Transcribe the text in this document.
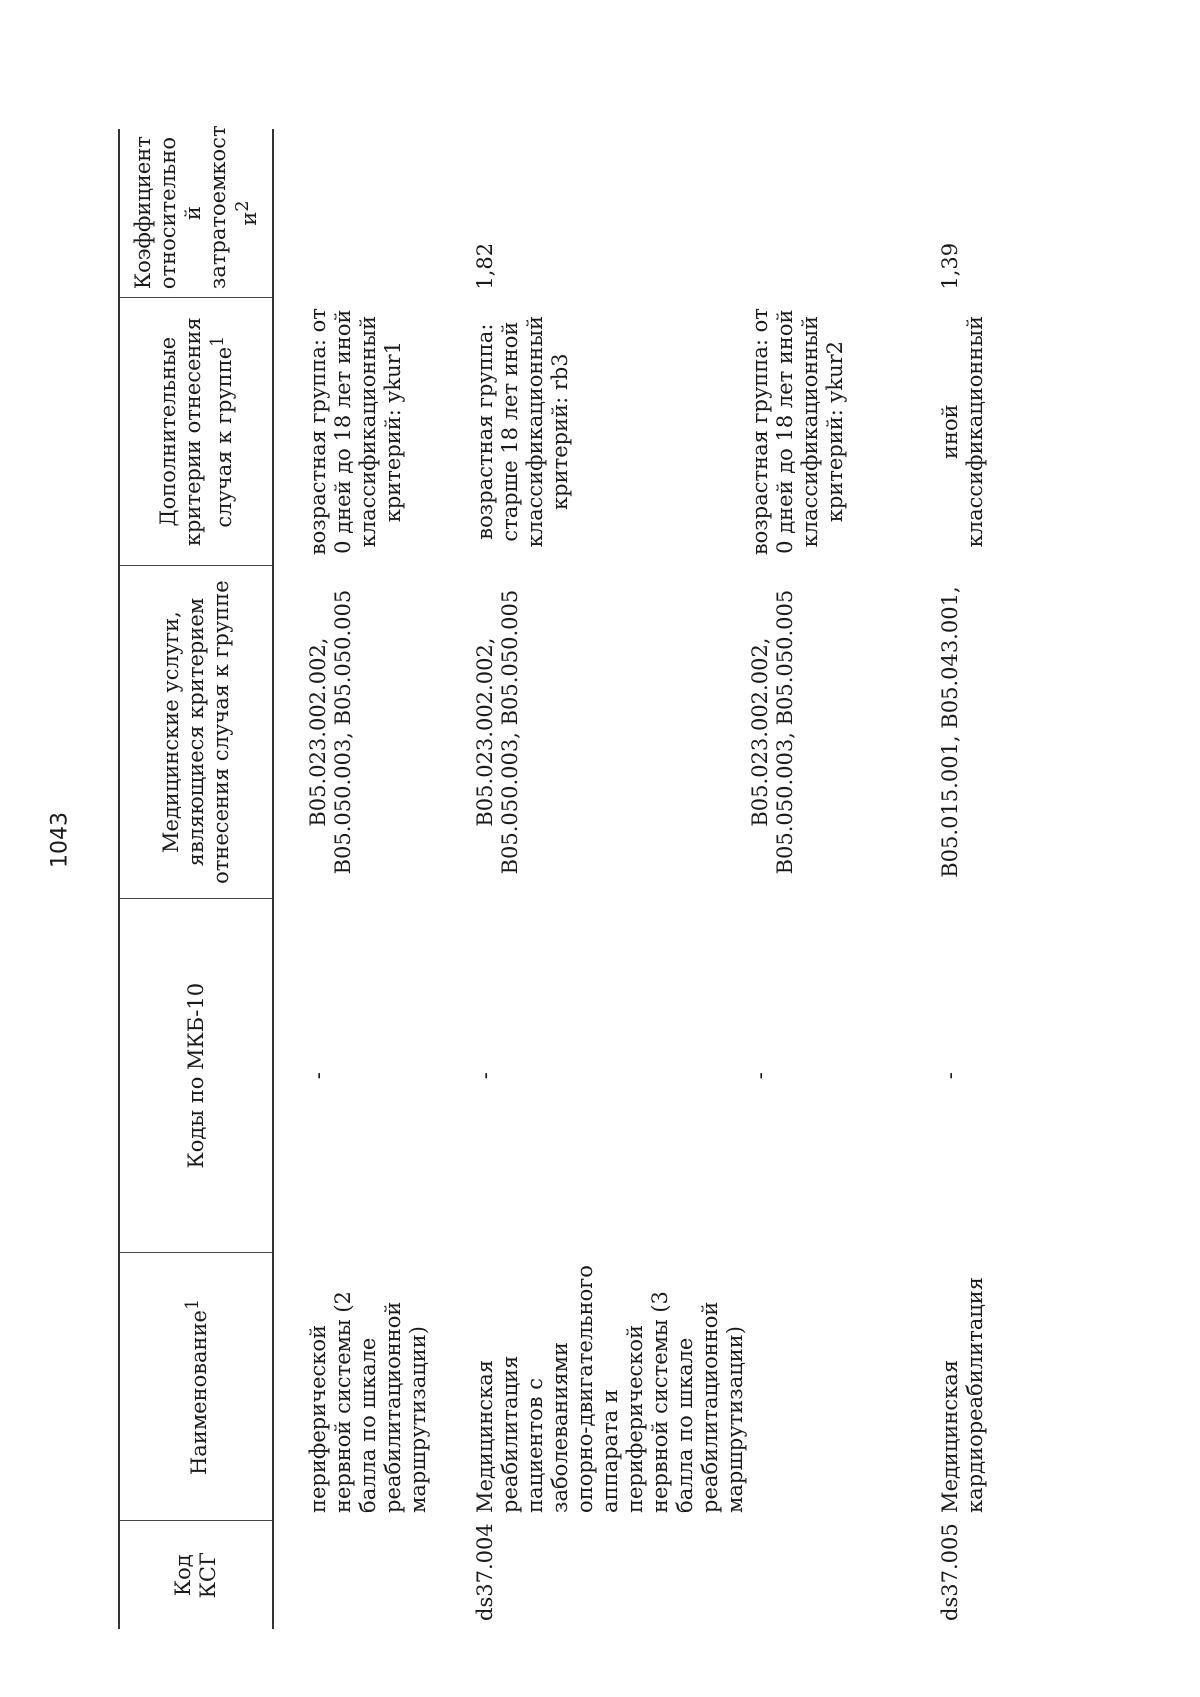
1043
Код КСГ	Наименование$^1$	Коды по МКБ-10	Медицинские услуги, являющиеся критерием отнесения случая к группе	Дополнительные критерии отнесения случая к группе$^1$	Коэффициент относительно й затратоемкост $и^2$
	периферической нервной системы (2 балла по шкале реабилитационной маршрутизации)	-	B05.023.002.002, B05.050.003, B05.050.005	возрастная группа: от 0 дней до 18 лет иной классификационный критерий: ykur1	

ds37.004	Медицинская реабилитация пациентов с заболеваниями опорно-двигательного аппарата и периферической нервной системы (3 балла по шкале реабилитационной маршрутизации)	-	B05.023.002.002, B05.050.003, B05.050.005	возрастная группа: старше 18 лет иной классификационный критерий: rb3	1,82
		-	B05.023.002.002, B05.050.003, B05.050.005	возрастная группа: от 0 дней до 18 лет иной классификационный критерий: ykur2	

ds37.005	Медицинская кардиореабилитация	-	B05.015.001, B05.043.001,	иной классификационный	1,39
